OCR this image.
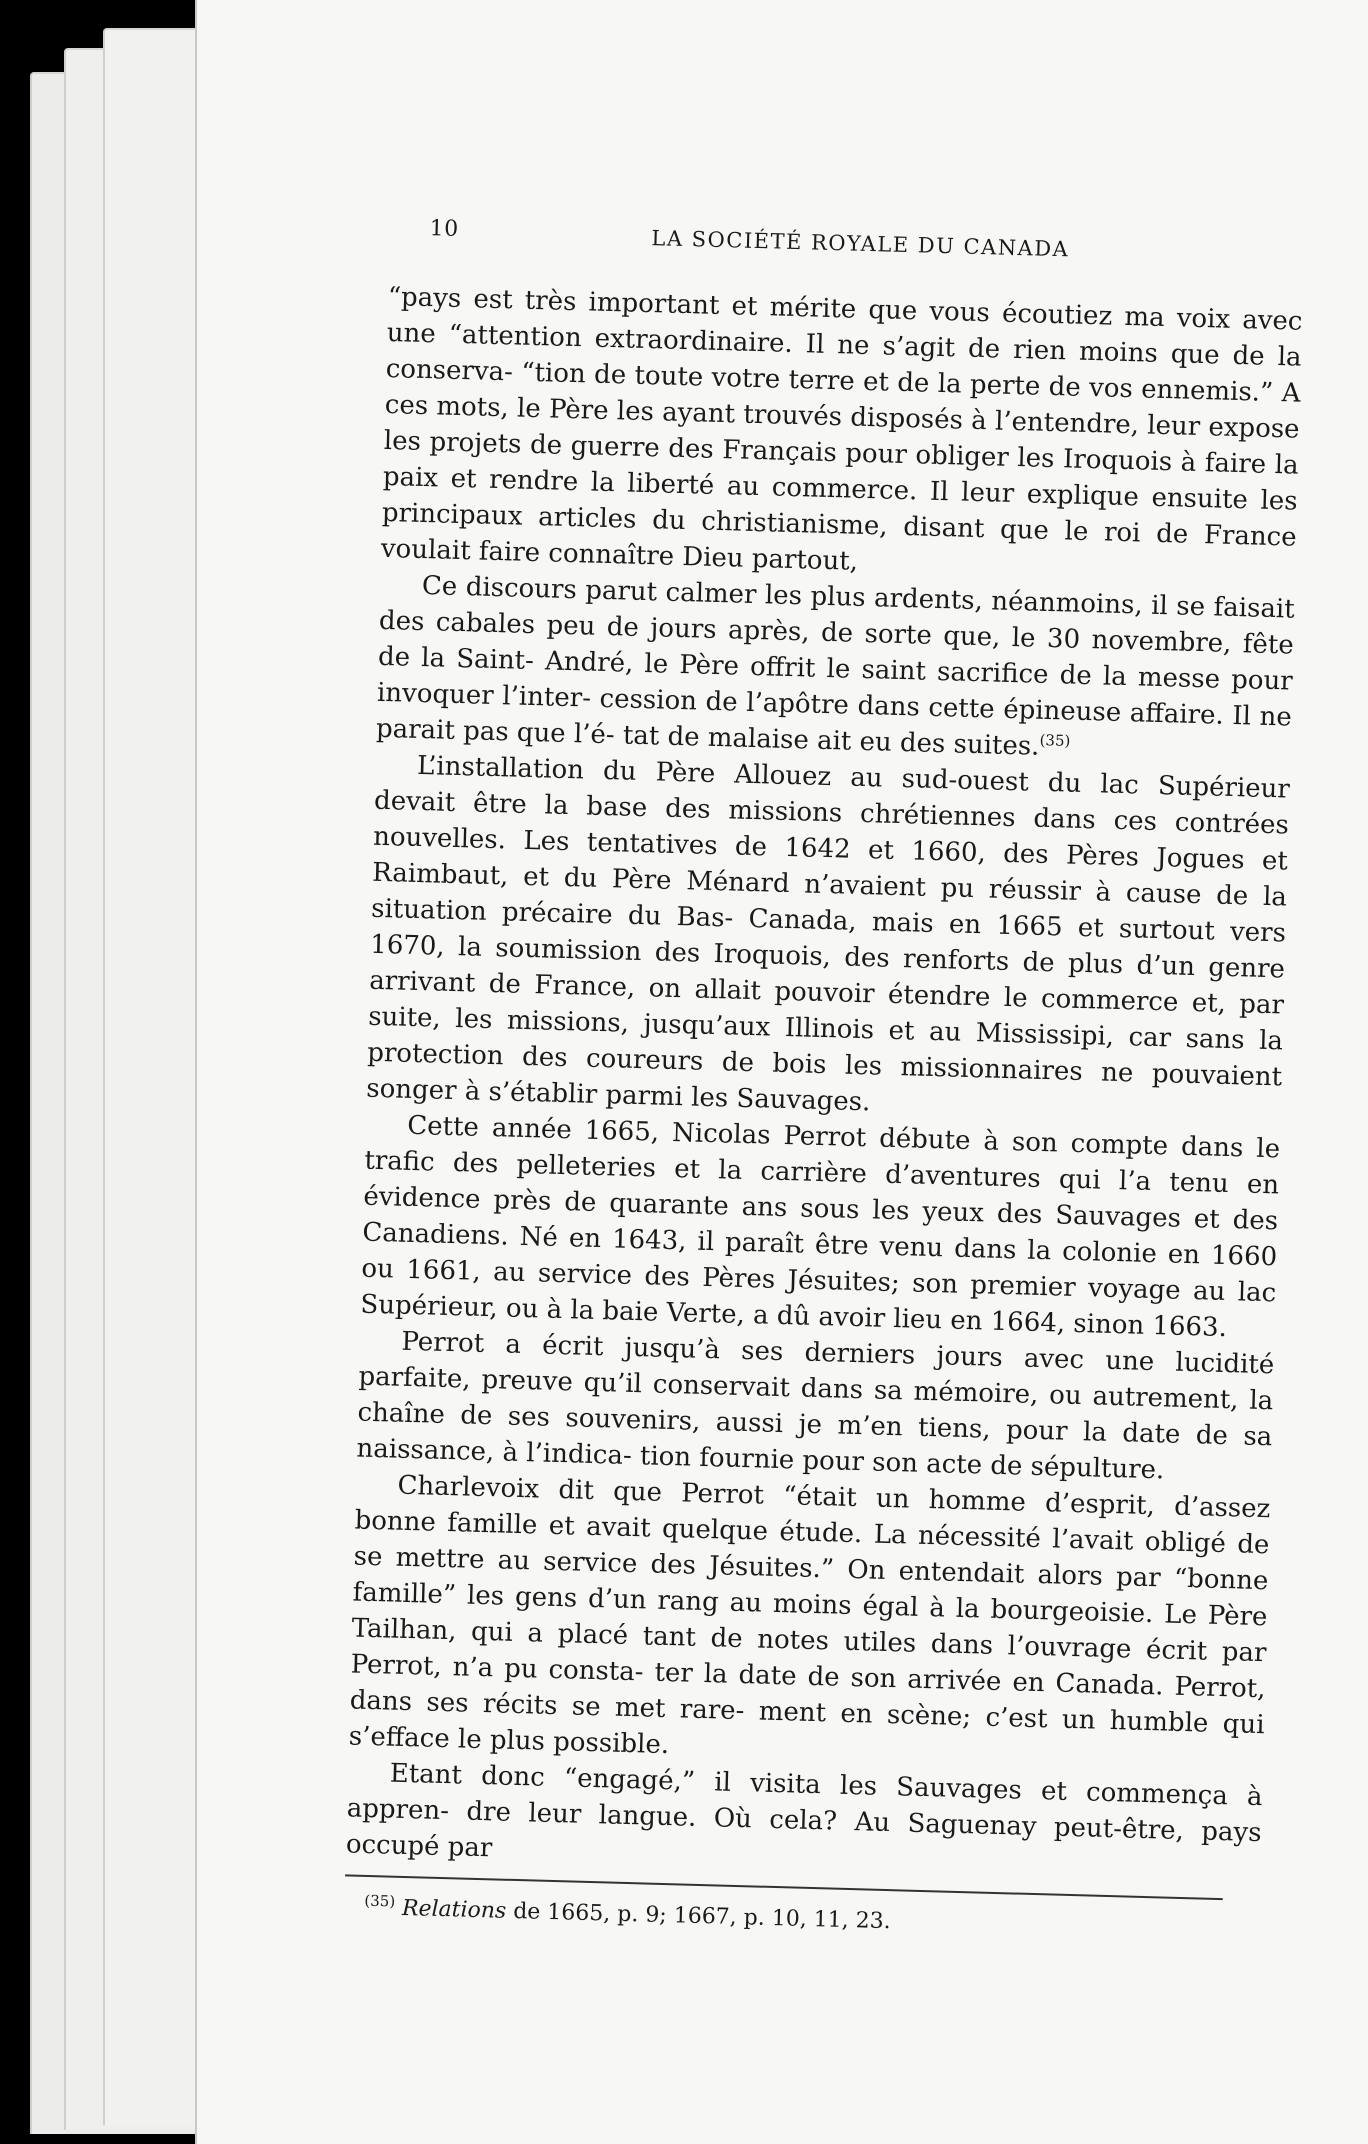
10	LA SOCIÉTÉ ROYALE DU CANADA

“pays est très important et mérite que vous écoutiez ma voix avec une “attention extraordinaire. Il ne s’agit de rien moins que de la conserva- “tion de toute votre terre et de la perte de vos ennemis.” A ces mots, le Père les ayant trouvés disposés à l’entendre, leur expose les projets de guerre des Français pour obliger les Iroquois à faire la paix et rendre la liberté au commerce. Il leur explique ensuite les principaux articles du christianisme, disant que le roi de France voulait faire connaître Dieu partout,

Ce discours parut calmer les plus ardents, néanmoins, il se faisait des cabales peu de jours après, de sorte que, le 30 novembre, fête de la Saint- André, le Père offrit le saint sacrifice de la messe pour invoquer l’inter- cession de l’apôtre dans cette épineuse affaire. Il ne parait pas que l’é- tat de malaise ait eu des suites.$^{(35)}$

L’installation du Père Allouez au sud-ouest du lac Supérieur devait être la base des missions chrétiennes dans ces contrées nouvelles. Les tentatives de 1642 et 1660, des Pères Jogues et Raimbaut, et du Père Ménard n’avaient pu réussir à cause de la situation précaire du Bas- Canada, mais en 1665 et surtout vers 1670, la soumission des Iroquois, des renforts de plus d’un genre arrivant de France, on allait pouvoir étendre le commerce et, par suite, les missions, jusqu’aux Illinois et au Mississipi, car sans la protection des coureurs de bois les missionnaires ne pouvaient songer à s’établir parmi les Sauvages.

Cette année 1665, Nicolas Perrot débute à son compte dans le trafic des pelleteries et la carrière d’aventures qui l’a tenu en évidence près de quarante ans sous les yeux des Sauvages et des Canadiens. Né en 1643, il paraît être venu dans la colonie en 1660 ou 1661, au service des Pères Jésuites; son premier voyage au lac Supérieur, ou à la baie Verte, a dû avoir lieu en 1664, sinon 1663.

Perrot a écrit jusqu’à ses derniers jours avec une lucidité parfaite, preuve qu’il conservait dans sa mémoire, ou autrement, la chaîne de ses souvenirs, aussi je m’en tiens, pour la date de sa naissance, à l’indica- tion fournie pour son acte de sépulture.

Charlevoix dit que Perrot “était un homme d’esprit, d’assez bonne famille et avait quelque étude. La nécessité l’avait obligé de se mettre au service des Jésuites.” On entendait alors par “bonne famille” les gens d’un rang au moins égal à la bourgeoisie. Le Père Tailhan, qui a placé tant de notes utiles dans l’ouvrage écrit par Perrot, n’a pu consta- ter la date de son arrivée en Canada. Perrot, dans ses récits se met rare- ment en scène; c’est un humble qui s’efface le plus possible.

Etant donc “engagé,” il visita les Sauvages et commença à appren- dre leur langue. Où cela? Au Saguenay peut-être, pays occupé par

$^{(35)}$ Relations de 1665, p. 9; 1667, p. 10, 11, 23.
